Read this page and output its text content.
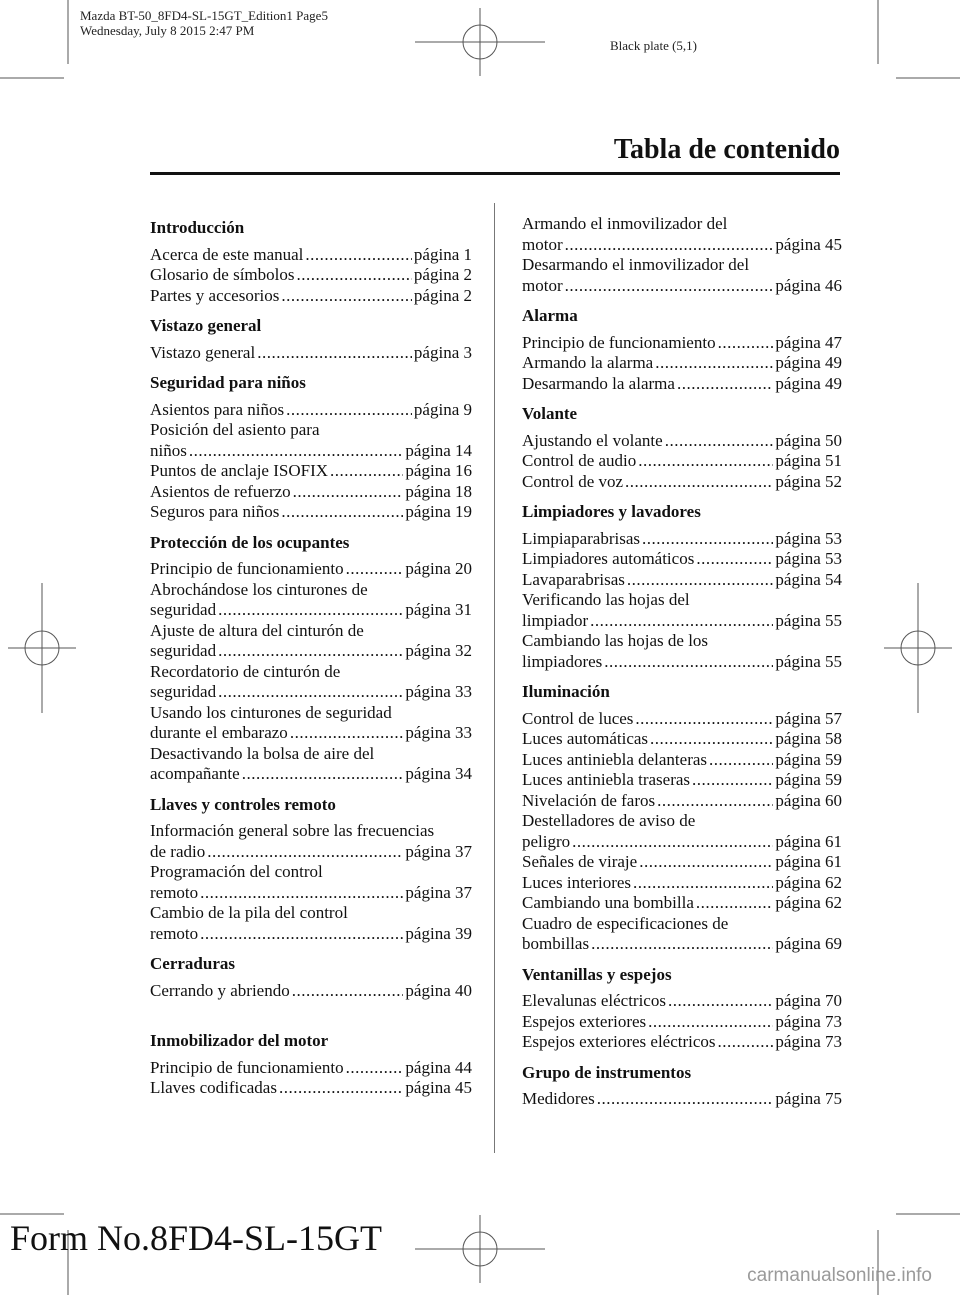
Mazda BT-50_8FD4-SL-15GT_Edition1 Page5
Wednesday, July 8 2015 2:47 PM
Black plate (5,1)
Tabla de contenido
Introducción
Acerca de este manual .....	página 1
Glosario de símbolos .....	página 2
Partes y accesorios .....	página 2
Vistazo general
Vistazo general .....	página 3
Seguridad para niños
Asientos para niños .....	página 9
Posición del asiento para
niños .....	página 14
Puntos de anclaje ISOFIX .....	página 16
Asientos de refuerzo .....	página 18
Seguros para niños .....	página 19
Protección de los ocupantes
Principio de funcionamiento .....	página 20
Abrochándose los cinturones de
seguridad .....	página 31
Ajuste de altura del cinturón de
seguridad .....	página 32
Recordatorio de cinturón de
seguridad .....	página 33
Usando los cinturones de seguridad
durante el embarazo .....	página 33
Desactivando la bolsa de aire del
acompañante .....	página 34
Llaves y controles remoto
Información general sobre las frecuencias
de radio .....	página 37
Programación del control
remoto .....	página 37
Cambio de la pila del control
remoto .....	página 39
Cerraduras
Cerrando y abriendo .....	página 40
Inmobilizador del motor
Principio de funcionamiento .....	página 44
Llaves codificadas .....	página 45
Armando el inmovilizador del
motor .....	página 45
Desarmando el inmovilizador del
motor .....	página 46
Alarma
Principio de funcionamiento .....	página 47
Armando la alarma .....	página 49
Desarmando la alarma .....	página 49
Volante
Ajustando el volante .....	página 50
Control de audio .....	página 51
Control de voz .....	página 52
Limpiadores y lavadores
Limpiaparabrisas .....	página 53
Limpiadores automáticos .....	página 53
Lavaparabrisas .....	página 54
Verificando las hojas del
limpiador .....	página 55
Cambiando las hojas de los
limpiadores .....	página 55
Iluminación
Control de luces .....	página 57
Luces automáticas .....	página 58
Luces antiniebla delanteras .....	página 59
Luces antiniebla traseras .....	página 59
Nivelación de faros .....	página 60
Destelladores de aviso de
peligro .....	página 61
Señales de viraje .....	página 61
Luces interiores .....	página 62
Cambiando una bombilla .....	página 62
Cuadro de especificaciones de
bombillas .....	página 69
Ventanillas y espejos
Elevalunas eléctricos .....	página 70
Espejos exteriores .....	página 73
Espejos exteriores eléctricos .....	página 73
Grupo de instrumentos
Medidores .....	página 75
Form No.8FD4-SL-15GT
carmanualsonline.info
